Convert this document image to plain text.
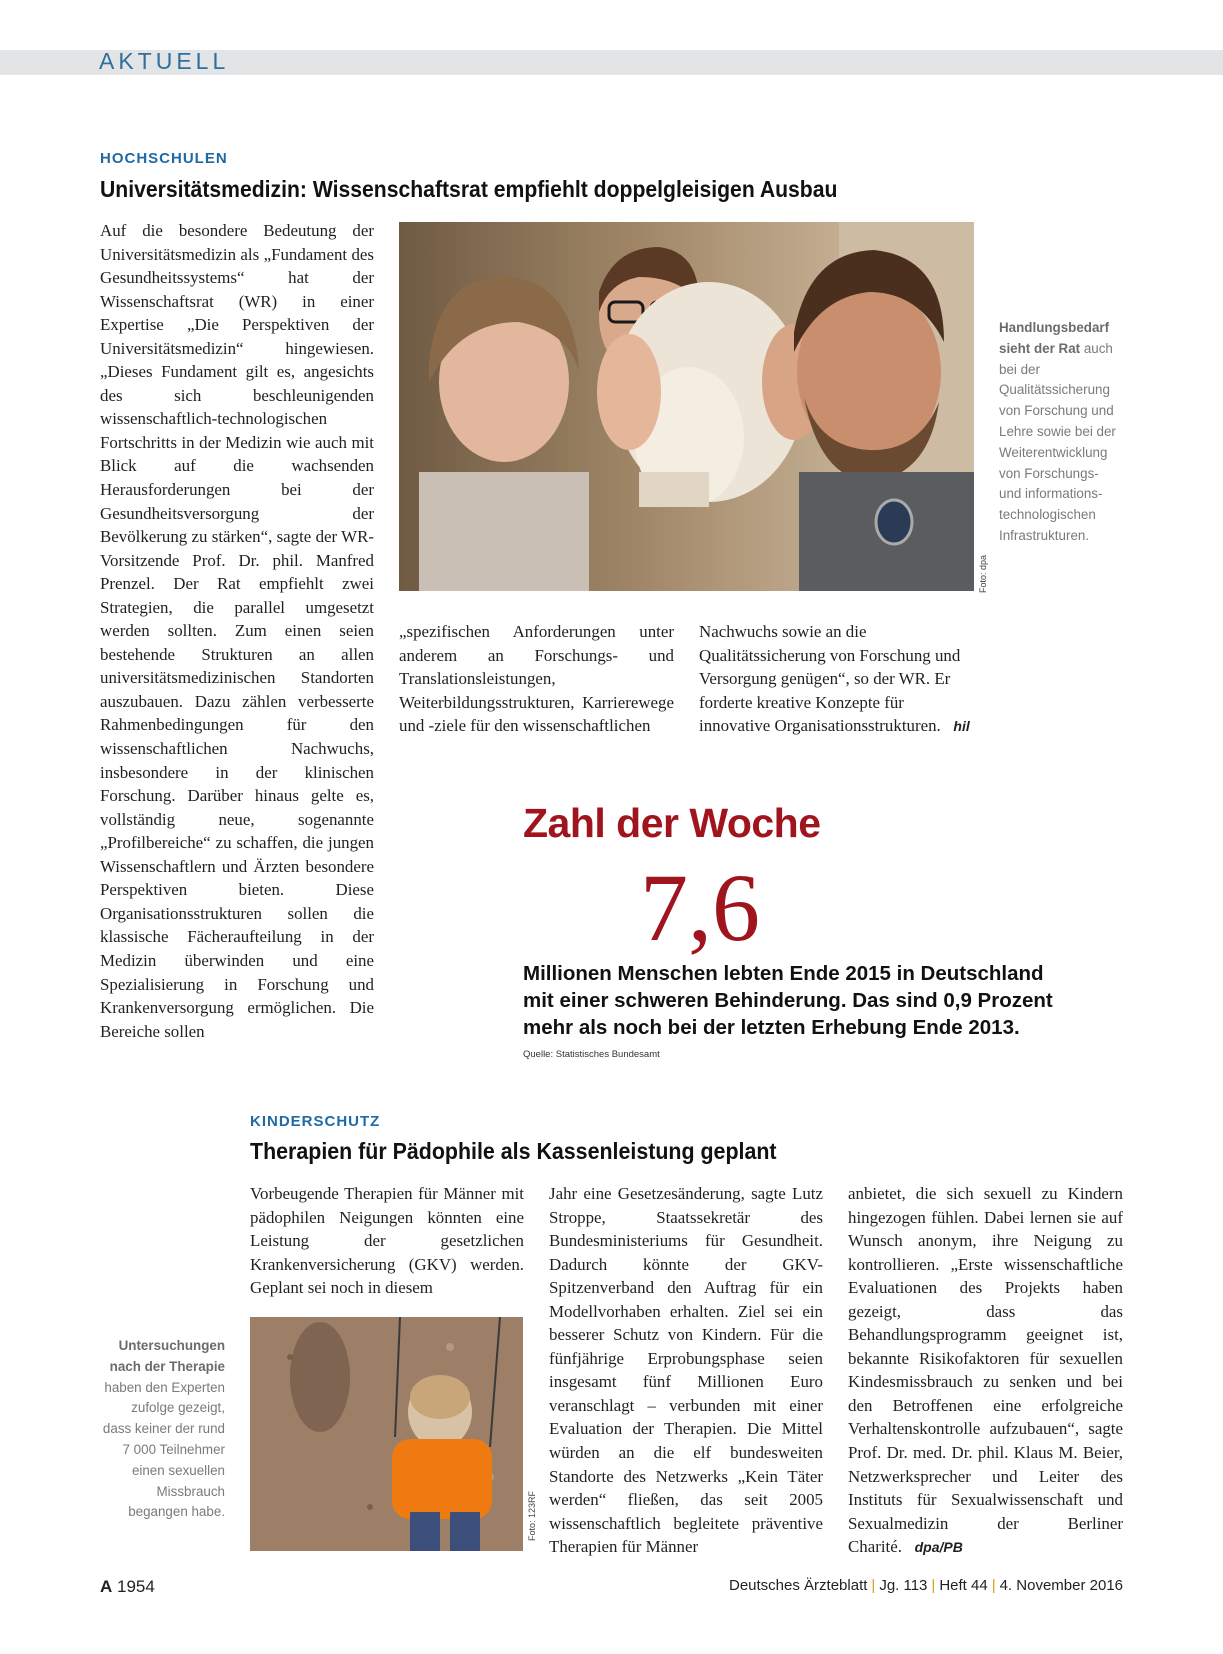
AKTUELL
HOCHSCHULEN
Universitätsmedizin: Wissenschaftsrat empfiehlt doppelgleisigen Ausbau

Auf die besondere Bedeutung der Universitätsmedizin als „Fundament des Gesundheitssystems“ hat der Wissenschaftsrat (WR) in einer Expertise „Die Perspektiven der Universitätsmedizin“ hingewiesen. „Dieses Fundament gilt es, angesichts des sich beschleunigenden wissenschaftlich-technologischen Fortschritts in der Medizin wie auch mit Blick auf die wachsenden Herausforderungen bei der Gesundheitsversorgung der Bevölkerung zu stärken“, sagte der WR-Vorsitzende Prof. Dr. phil. Manfred Prenzel. Der Rat empfiehlt zwei Strategien, die parallel umgesetzt werden sollten. Zum einen seien bestehende Strukturen an allen universitätsmedizinischen Standorten auszubauen. Dazu zählen verbesserte Rahmenbedingungen für den wissenschaftlichen Nachwuchs, insbesondere in der klinischen Forschung. Darüber hinaus gelte es, vollständig neue, sogenannte „Profilbereiche“ zu schaffen, die jungen Wissenschaftlern und Ärzten besondere Perspektiven bieten. Diese Organisationsstrukturen sollen die klassische Fächeraufteilung in der Medizin überwinden und eine Spezialisierung in Forschung und Krankenversorgung ermöglichen. Die Bereiche sollen

Foto: dpa

Handlungsbedarf sieht der Rat auch bei der Qualitätssicherung von Forschung und Lehre sowie bei der Weiterentwicklung von Forschungs- und informations-technologischen Infrastrukturen.

„spezifischen Anforderungen unter anderem an Forschungs- und Translationsleistungen, Weiterbildungsstrukturen, Karrierewege und -ziele für den wissenschaftlichen

Nachwuchs sowie an die Qualitätssicherung von Forschung und Versorgung genügen“, so der WR. Er forderte kreative Konzepte für innovative Organisationsstrukturen. hil

Zahl der Woche
7,6
Millionen Menschen lebten Ende 2015 in Deutschland mit einer schweren Behinderung. Das sind 0,9 Prozent mehr als noch bei der letzten Erhebung Ende 2013.
Quelle: Statistisches Bundesamt
KINDERSCHUTZ
Therapien für Pädophile als Kassenleistung geplant

Vorbeugende Therapien für Männer mit pädophilen Neigungen könnten eine Leistung der gesetzlichen Krankenversicherung (GKV) werden. Geplant sei noch in diesem

Foto: 123RF

Untersuchungen nach der Therapie haben den Experten zufolge gezeigt, dass keiner der rund 7 000 Teilnehmer einen sexuellen Missbrauch begangen habe.

Jahr eine Gesetzesänderung, sagte Lutz Stroppe, Staatssekretär des Bundesministeriums für Gesundheit. Dadurch könnte der GKV-Spitzenverband den Auftrag für ein Modellvorhaben erhalten. Ziel sei ein besserer Schutz von Kindern. Für die fünfjährige Erprobungsphase seien insgesamt fünf Millionen Euro veranschlagt – verbunden mit einer Evaluation der Therapien. Die Mittel würden an die elf bundesweiten Standorte des Netzwerks „Kein Täter werden“ fließen, das seit 2005 wissenschaftlich begleitete präventive Therapien für Männer

anbietet, die sich sexuell zu Kindern hingezogen fühlen. Dabei lernen sie auf Wunsch anonym, ihre Neigung zu kontrollieren. „Erste wissenschaftliche Evaluationen des Projekts haben gezeigt, dass das Behandlungsprogramm geeignet ist, bekannte Risikofaktoren für sexuellen Kindesmissbrauch zu senken und bei den Betroffenen eine erfolgreiche Verhaltenskontrolle aufzubauen“, sagte Prof. Dr. med. Dr. phil. Klaus M. Beier, Netzwerksprecher und Leiter des Instituts für Sexualwissenschaft und Sexualmedizin der Berliner Charité. dpa/PB

A 1954	Deutsches Ärzteblatt | Jg. 113 | Heft 44 | 4. November 2016
